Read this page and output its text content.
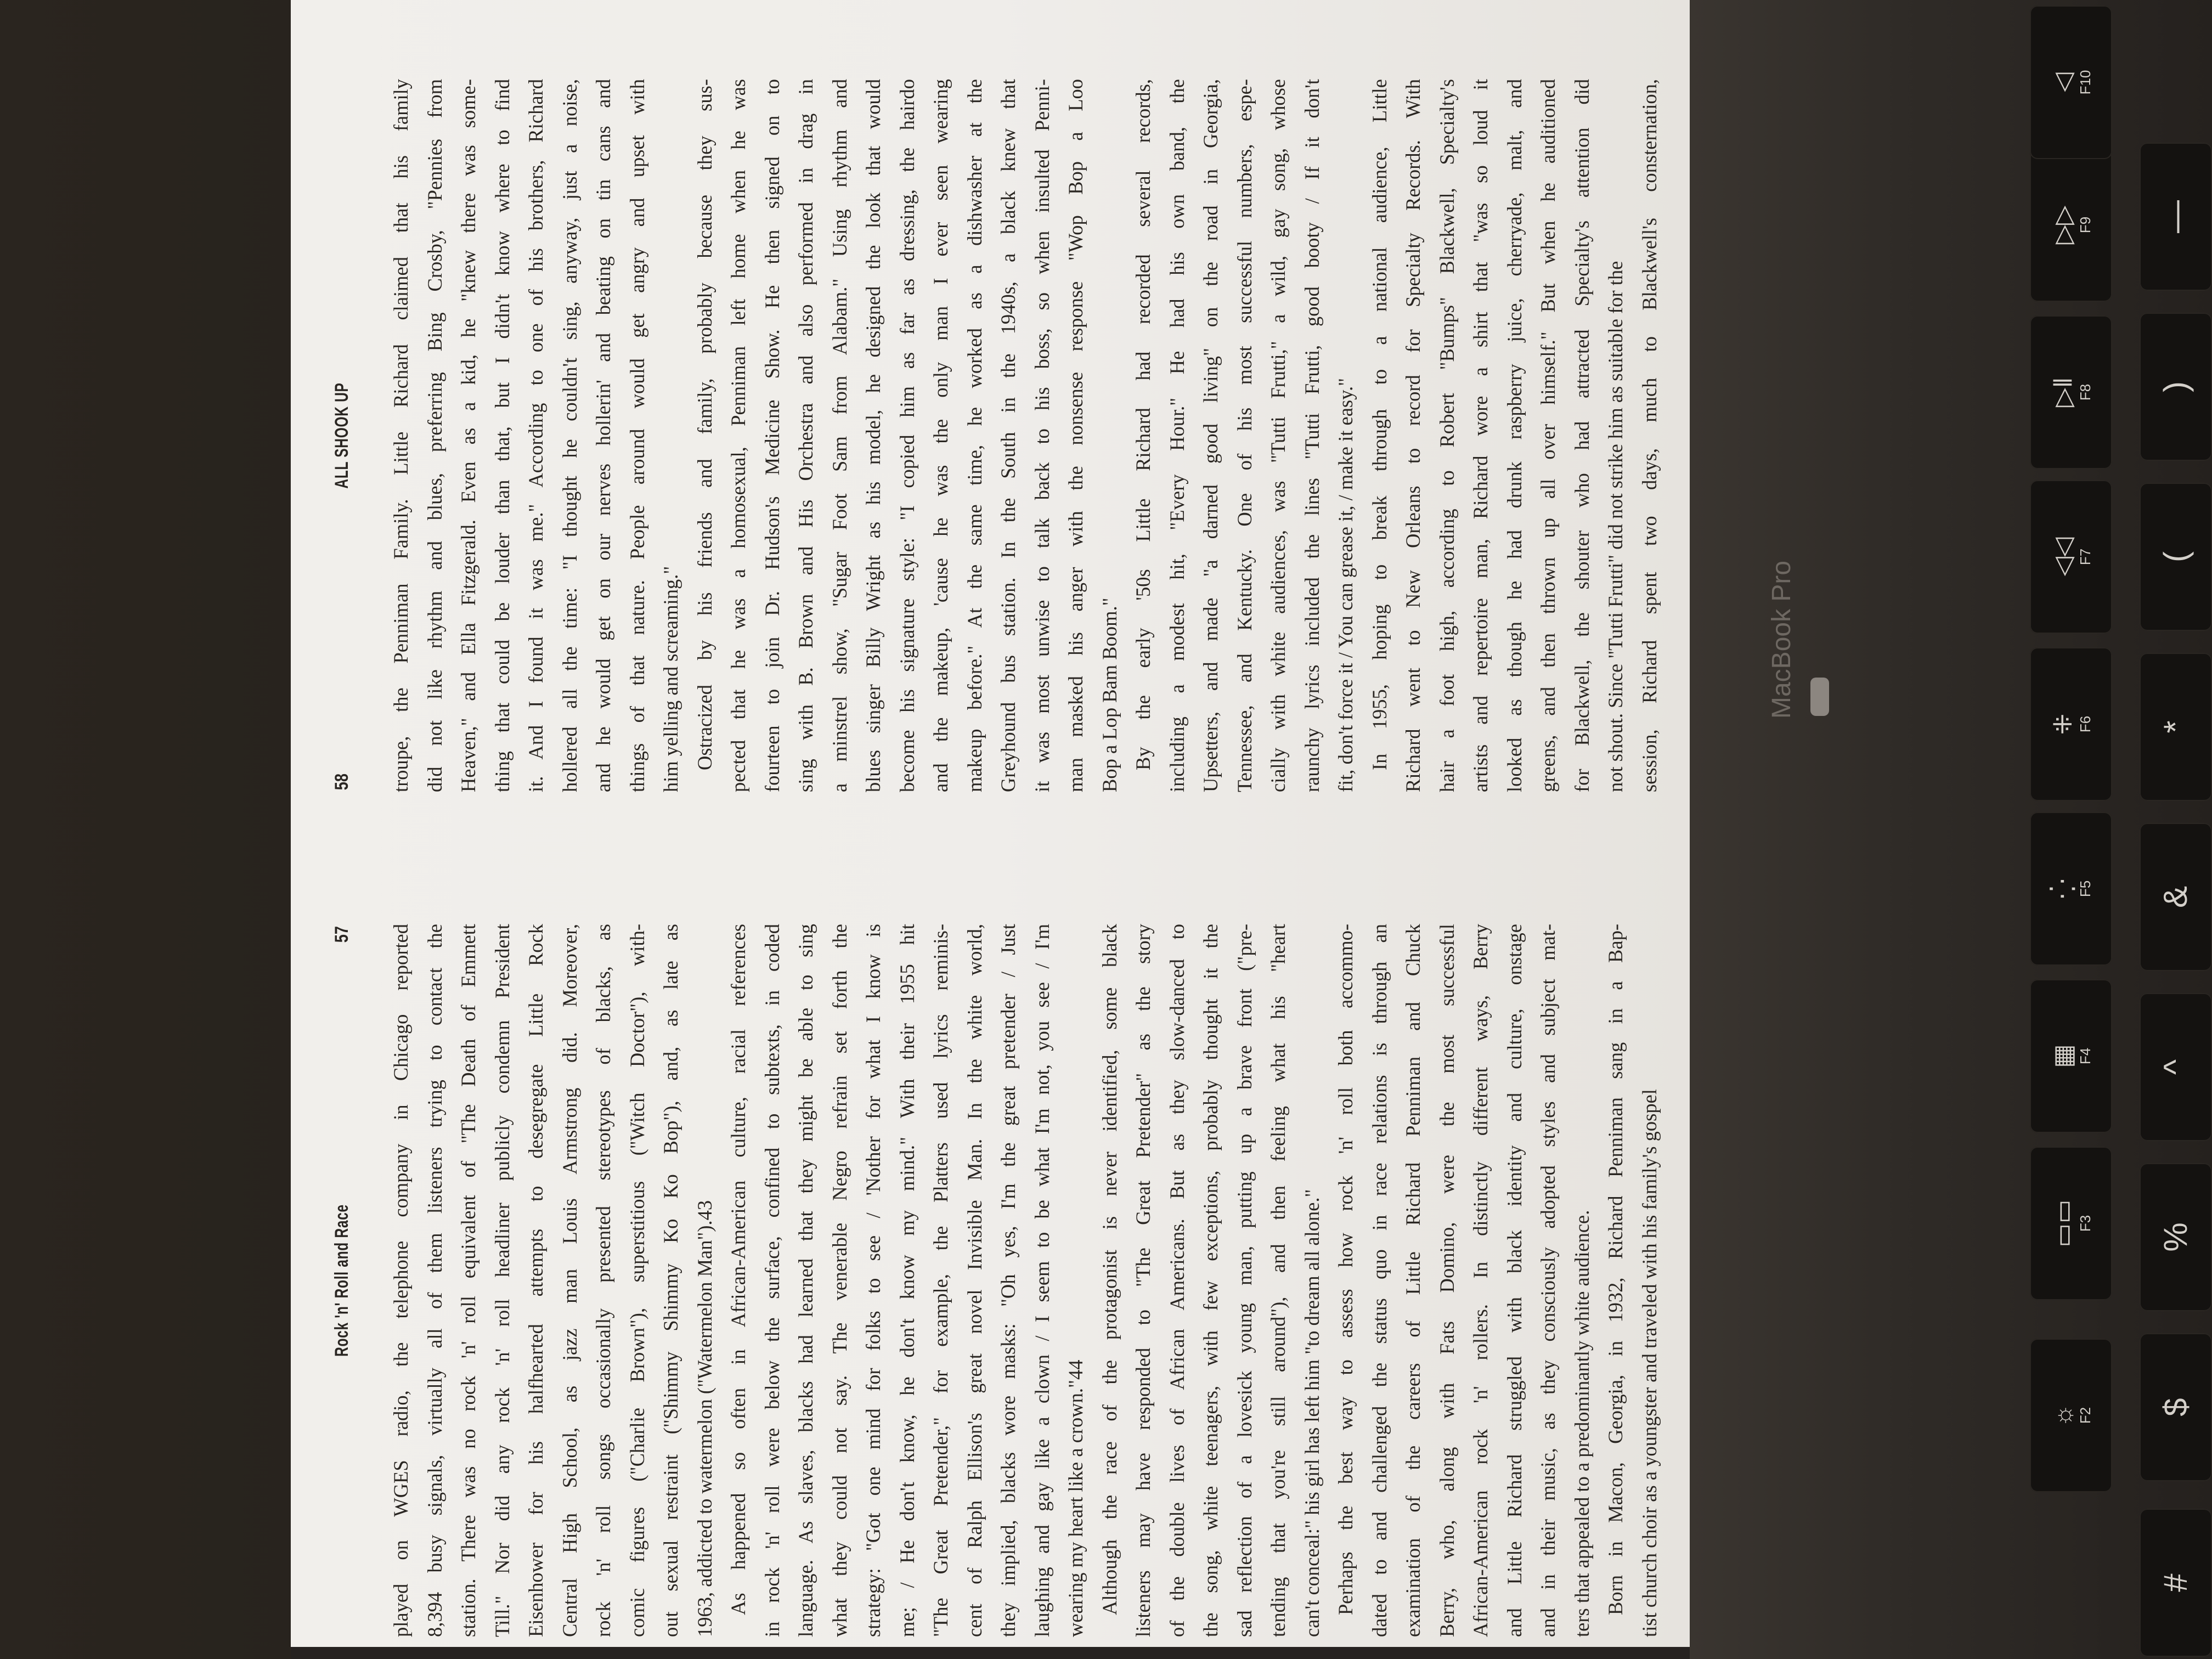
Rock 'n' Roll and Race
57 played on WGES radio, the telephone company in Chicago reported 8,394 busy signals, virtually all of them listeners trying to contact the station. There was no rock 'n' roll equivalent of "The Death of Emmett Till." Nor did any rock 'n' roll headliner publicly condemn President Eisenhower for his halfhearted attempts to desegregate Little Rock Central High School, as jazz man Louis Armstrong did. Moreover, rock 'n' roll songs occasionally presented stereotypes of blacks, as comic figures ("Charlie Brown"), superstitious ("Witch Doctor"), with- out sexual restraint ("Shimmy Shimmy Ko Ko Bop"), and, as late as 1963, addicted to watermelon ("Watermelon Man").43 As happened so often in African-American culture, racial references in rock 'n' roll were below the surface, confined to subtexts, in coded language. As slaves, blacks had learned that they might be able to sing what they could not say. The venerable Negro refrain set forth the strategy: "Got one mind for folks to see / 'Nother for what I know is me; / He don't know, he don't know my mind." With their 1955 hit "The Great Pretender," for example, the Platters used lyrics reminis- cent of Ralph Ellison's great novel Invisible Man. In the white world, they implied, blacks wore masks: "Oh yes, I'm the great pretender / Just laughing and gay like a clown / I seem to be what I'm not, you see / I'm wearing my heart like a crown."44 Although the race of the protagonist is never identified, some black listeners may have responded to "The Great Pretender" as the story of the double lives of African Americans. But as they slow-danced to the song, white teenagers, with few exceptions, probably thought it the sad reflection of a lovesick young man, putting up a brave front ("pre- tending that you're still around"), and then feeling what his "heart can't conceal:" his girl has left him "to dream all alone." Perhaps the best way to assess how rock 'n' roll both accommo- dated to and challenged the status quo in race relations is through an examination of the careers of Little Richard Penniman and Chuck Berry, who, along with Fats Domino, were the most successful African-American rock 'n' rollers. In distinctly different ways, Berry and Little Richard struggled with black identity and culture, onstage and in their music, as they consciously adopted styles and subject mat- ters that appealed to a predominantly white audience. Born in Macon, Georgia, in 1932, Richard Penniman sang in a Bap- tist church choir as a youngster and traveled with his family's gospel
58
ALL SHOOK UP troupe, the Penniman Family. Little Richard claimed that his family did not like rhythm and blues, preferring Bing Crosby, "Pennies from Heaven," and Ella Fitzgerald. Even as a kid, he "knew there was some- thing that could be louder than that, but I didn't know where to find it. And I found it was me." According to one of his brothers, Richard hollered all the time: "I thought he couldn't sing, anyway, just a noise, and he would get on our nerves hollerin' and beating on tin cans and things of that nature. People around would get angry and upset with him yelling and screaming." Ostracized by his friends and family, probably because they sus- pected that he was a homosexual, Penniman left home when he was fourteen to join Dr. Hudson's Medicine Show. He then signed on to sing with B. Brown and His Orchestra and also performed in drag in a minstrel show, "Sugar Foot Sam from Alabam." Using rhythm and blues singer Billy Wright as his model, he designed the look that would become his signature style: "I copied him as far as dressing, the hairdo and the makeup, 'cause he was the only man I ever seen wearing makeup before." At the same time, he worked as a dishwasher at the Greyhound bus station. In the South in the 1940s, a black knew that it was most unwise to talk back to his boss, so when insulted Penni- man masked his anger with the nonsense response "Wop Bop a Loo Bop a Lop Bam Boom." By the early '50s Little Richard had recorded several records, including a modest hit, "Every Hour." He had his own band, the Upsetters, and made "a darned good living" on the road in Georgia, Tennessee, and Kentucky. One of his most successful numbers, espe- cially with white audiences, was "Tutti Frutti," a wild, gay song, whose raunchy lyrics included the lines "Tutti Frutti, good booty / If it don't fit, don't force it / You can grease it, / make it easy." In 1955, hoping to break through to a national audience, Little Richard went to New Orleans to record for Specialty Records. With hair a foot high, according to Robert "Bumps" Blackwell, Specialty's artists and repertoire man, Richard wore a shirt that "was so loud it looked as though he had drunk raspberry juice, cherryade, malt, and greens, and then thrown up all over himself." But when he auditioned for Blackwell, the shouter who had attracted Specialty's attention did not shout. Since "Tutti Frutti" did not strike him as suitable for the session, Richard spent two days, much to Blackwell's consternation,	MacBook Pro
☼ F2
▭▭ F3
▦ F4
⁛ F5
⁜ F6
◁◁ F7
▷‖ F8
▷▷ F9
◁ F10
#
$
%
^
&
*
(
)
—
